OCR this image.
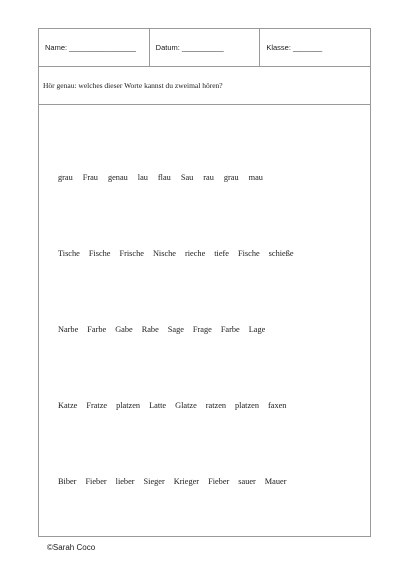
Name: ________________	Datum: __________	Klasse: _______
Hör genau: welches dieser Worte kannst du zweimal hören?
grau Frau genau lau flau Sau rau grau mau
Tische Fische Frische Nische rieche tiefe Fische schieße
Narbe Farbe Gabe Rabe Sage Frage Farbe Lage
Katze Fratze platzen Latte Glatze ratzen platzen faxen
Biber Fieber lieber Sieger Krieger Fieber sauer Mauer
©Sarah Coco
